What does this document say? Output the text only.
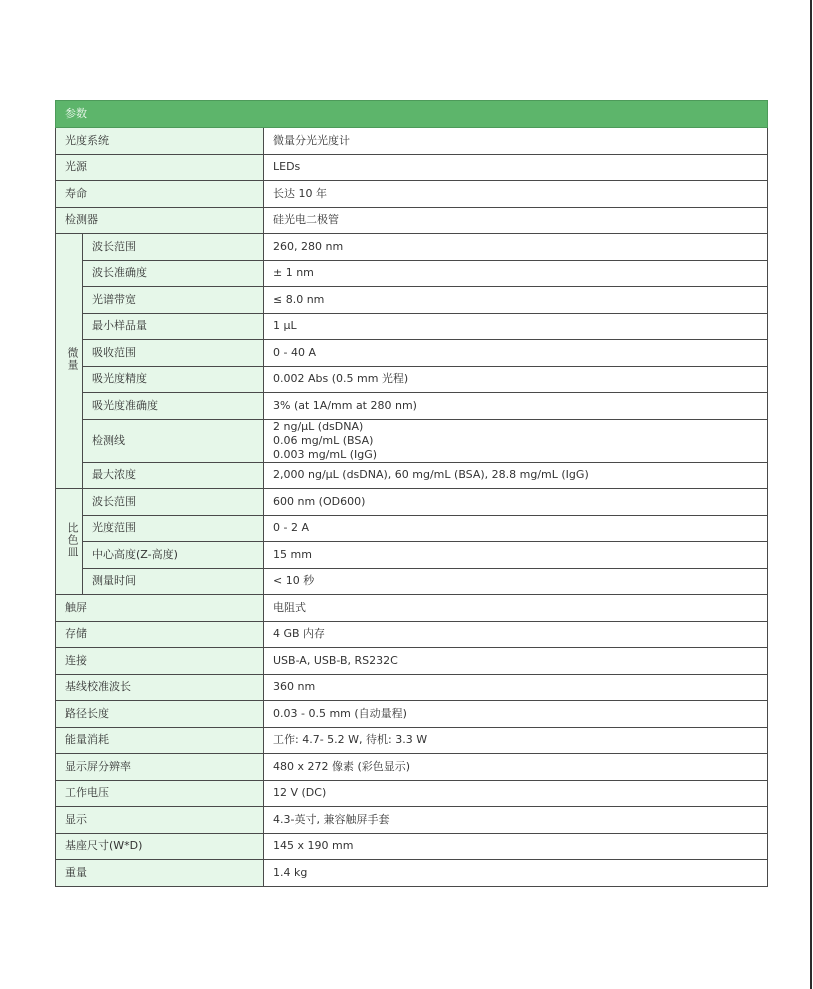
参数		
光度系统		微量分光光度计
光源		LEDs
寿命		长达 10 年
检测器		硅光电二极管
微量	波长范围	260, 280 nm
	波长准确度	± 1 nm
	光谱带宽	≤ 8.0 nm
	最小样品量	1 μL
	吸收范围	0 - 40 A
	吸光度精度	0.002 Abs (0.5 mm 光程)
	吸光度准确度	3% (at 1A/mm at 280 nm)
	检测线	2 ng/μL (dsDNA)
0.06 mg/mL (BSA)
0.003 mg/mL (IgG)

	最大浓度	2,000 ng/μL (dsDNA), 60 mg/mL (BSA), 28.8 mg/mL (IgG)
比色皿	波长范围	600 nm (OD600)
	光度范围	0 - 2 A
	中心高度(Z-高度)	15 mm
	测量时间	< 10 秒
触屏		电阻式
存储		4 GB 内存
连接		USB-A, USB-B, RS232C
基线校准波长		360 nm
路径长度		0.03 - 0.5 mm (自动量程)
能量消耗		工作: 4.7- 5.2 W, 待机: 3.3 W
显示屏分辨率		480 x 272 像素 (彩色显示)
工作电压		12 V (DC)
显示		4.3-英寸, 兼容触屏手套
基座尺寸(W*D)		145 x 190 mm
重量		1.4 kg
